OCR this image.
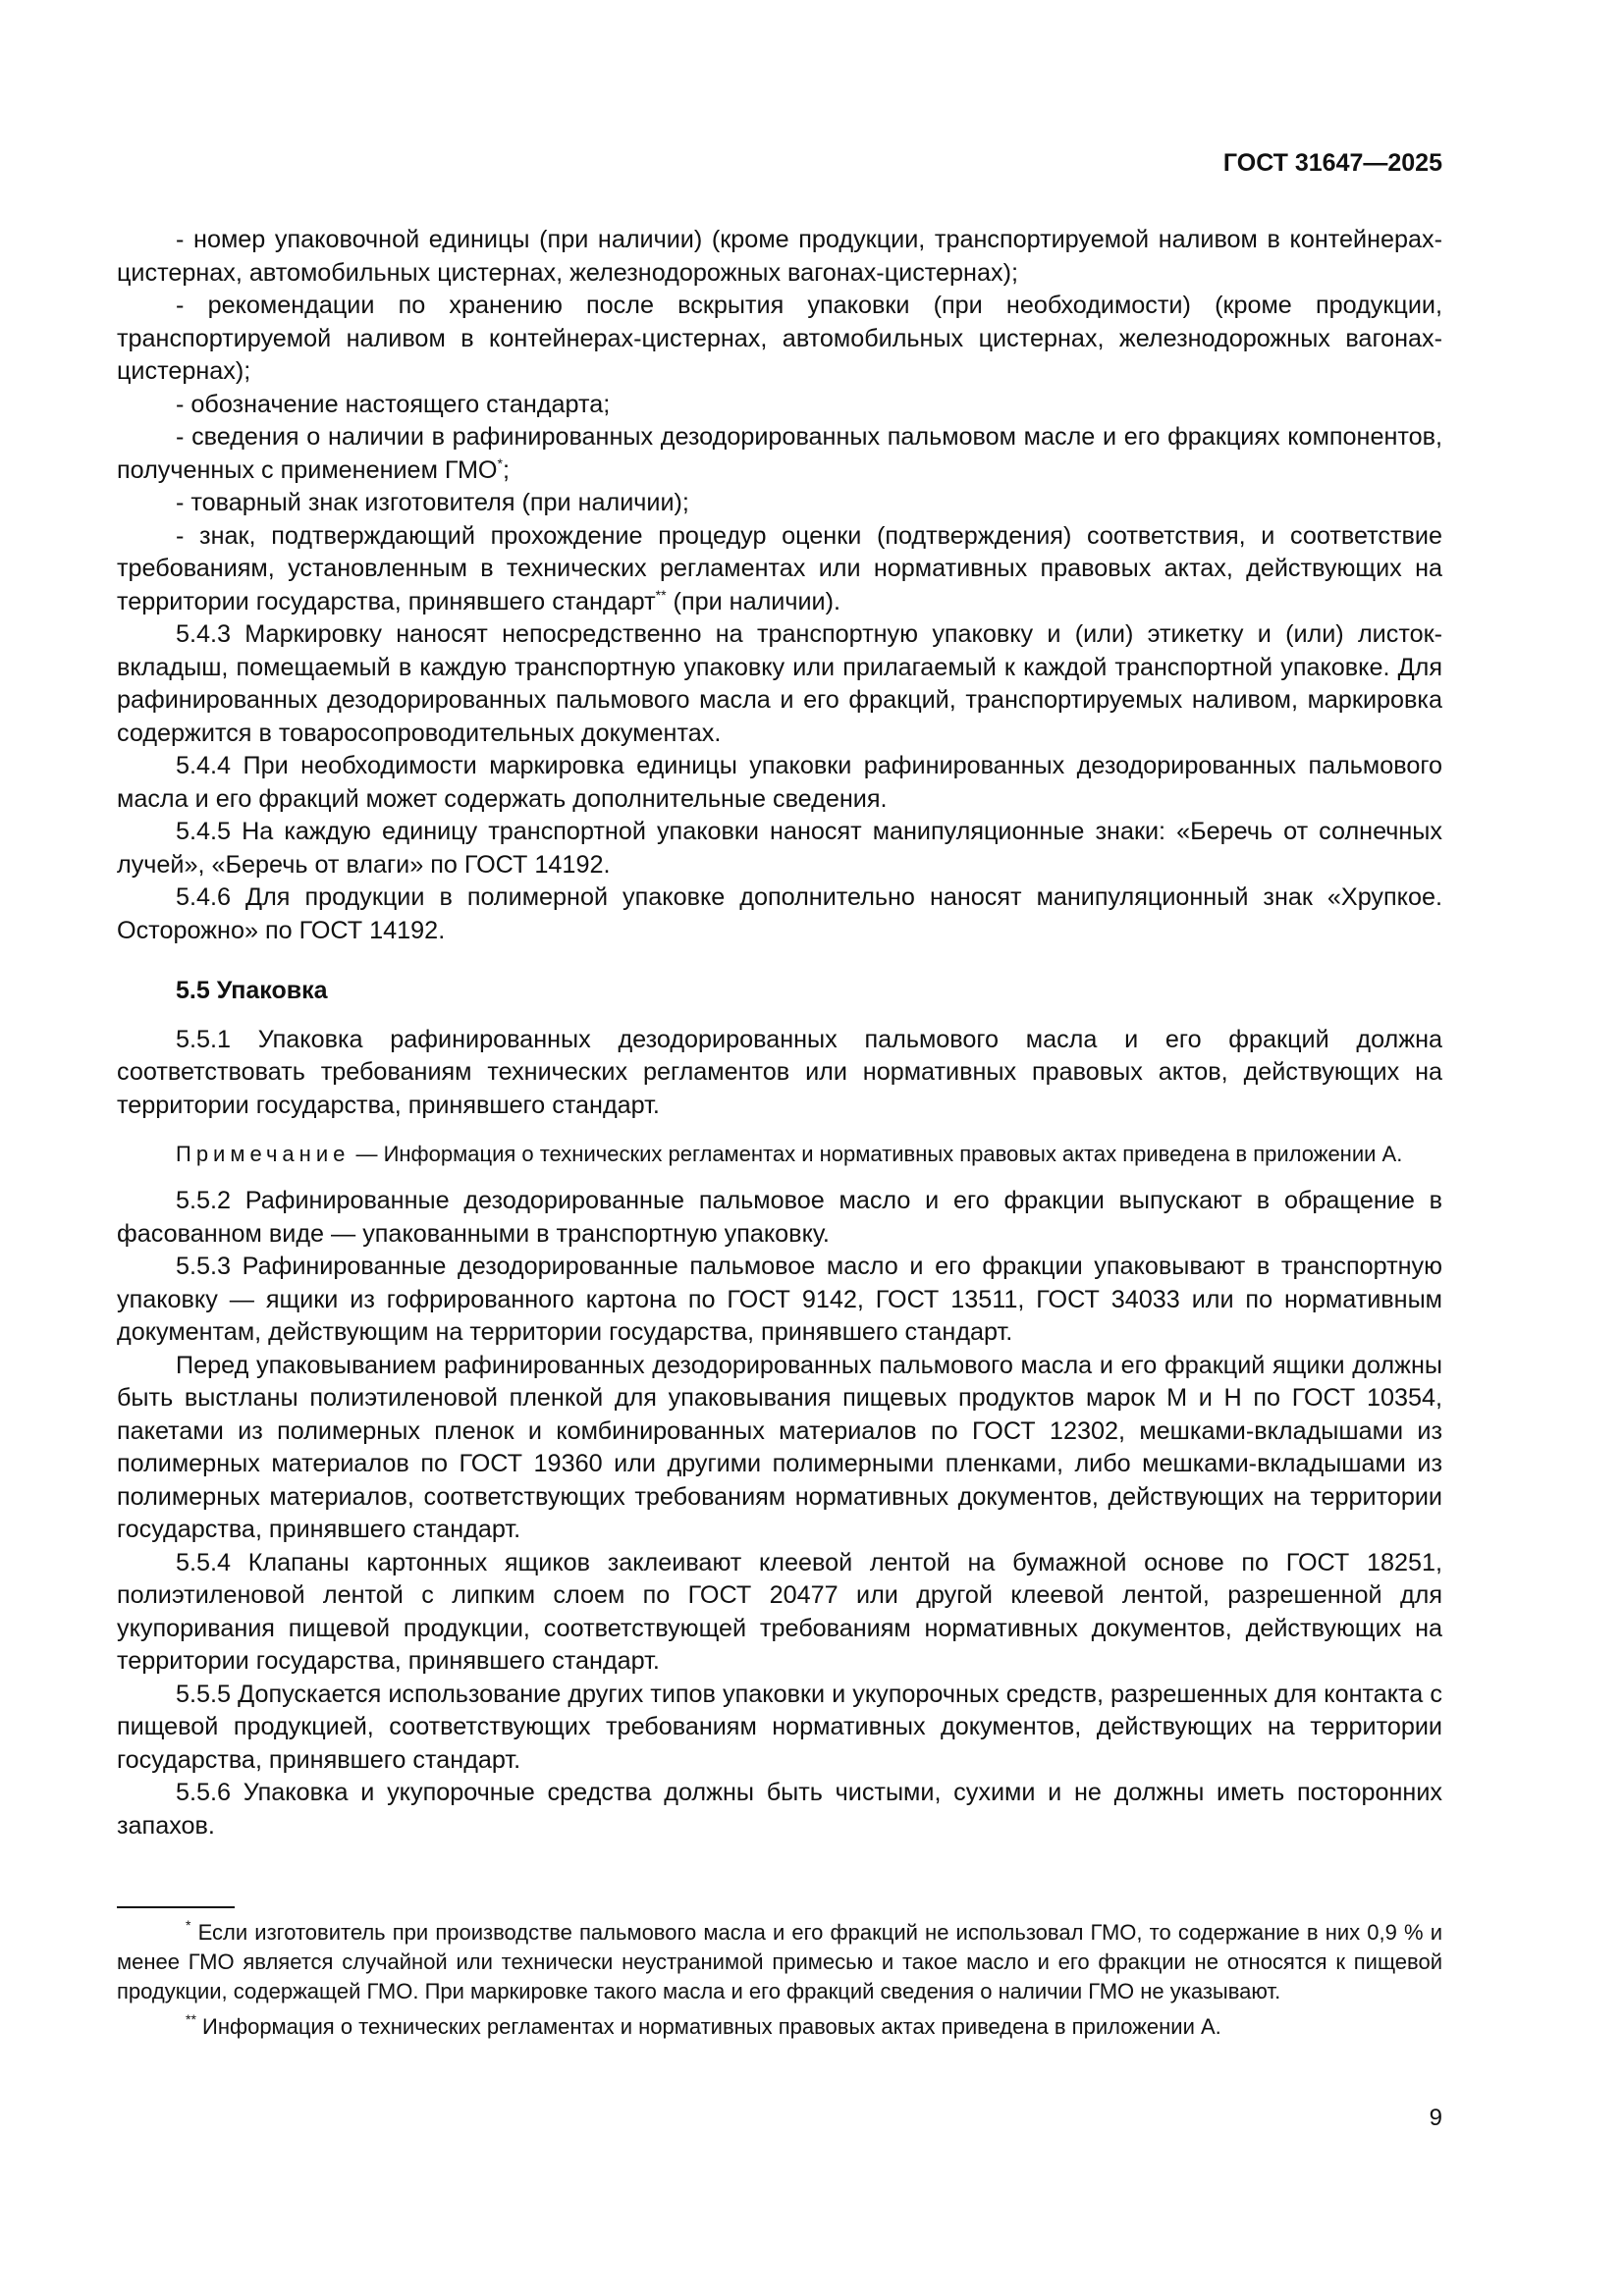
ГОСТ 31647—2025

- номер упаковочной единицы (при наличии) (кроме продукции, транспортируемой наливом в контейнерах-цистернах, автомобильных цистернах, железнодорожных вагонах-цистернах);

- рекомендации по хранению после вскрытия упаковки (при необходимости) (кроме продукции, транспортируемой наливом в контейнерах-цистернах, автомобильных цистернах, железнодорожных вагонах-цистернах);

- обозначение настоящего стандарта;

- сведения о наличии в рафинированных дезодорированных пальмовом масле и его фракциях компонентов, полученных с применением ГМО*;

- товарный знак изготовителя (при наличии);

- знак, подтверждающий прохождение процедур оценки (подтверждения) соответствия, и соответствие требованиям, установленным в технических регламентах или нормативных правовых актах, действующих на территории государства, принявшего стандарт** (при наличии).

5.4.3 Маркировку наносят непосредственно на транспортную упаковку и (или) этикетку и (или) листок-вкладыш, помещаемый в каждую транспортную упаковку или прилагаемый к каждой транспортной упаковке. Для рафинированных дезодорированных пальмового масла и его фракций, транспортируемых наливом, маркировка содержится в товаросопроводительных документах.

5.4.4 При необходимости маркировка единицы упаковки рафинированных дезодорированных пальмового масла и его фракций может содержать дополнительные сведения.

5.4.5 На каждую единицу транспортной упаковки наносят манипуляционные знаки: «Беречь от солнечных лучей», «Беречь от влаги» по ГОСТ 14192.

5.4.6 Для продукции в полимерной упаковке дополнительно наносят манипуляционный знак «Хрупкое. Осторожно» по ГОСТ 14192.

5.5 Упаковка

5.5.1 Упаковка рафинированных дезодорированных пальмового масла и его фракций должна соответствовать требованиям технических регламентов или нормативных правовых актов, действующих на территории государства, принявшего стандарт.

Примечание — Информация о технических регламентах и нормативных правовых актах приведена в приложении А.

5.5.2 Рафинированные дезодорированные пальмовое масло и его фракции выпускают в обращение в фасованном виде — упакованными в транспортную упаковку.

5.5.3 Рафинированные дезодорированные пальмовое масло и его фракции упаковывают в транспортную упаковку — ящики из гофрированного картона по ГОСТ 9142, ГОСТ 13511, ГОСТ 34033 или по нормативным документам, действующим на территории государства, принявшего стандарт.

Перед упаковыванием рафинированных дезодорированных пальмового масла и его фракций ящики должны быть выстланы полиэтиленовой пленкой для упаковывания пищевых продуктов марок М и Н по ГОСТ 10354, пакетами из полимерных пленок и комбинированных материалов по ГОСТ 12302, мешками-вкладышами из полимерных материалов по ГОСТ 19360 или другими полимерными пленками, либо мешками-вкладышами из полимерных материалов, соответствующих требованиям нормативных документов, действующих на территории государства, принявшего стандарт.

5.5.4 Клапаны картонных ящиков заклеивают клеевой лентой на бумажной основе по ГОСТ 18251, полиэтиленовой лентой с липким слоем по ГОСТ 20477 или другой клеевой лентой, разрешенной для укупоривания пищевой продукции, соответствующей требованиям нормативных документов, действующих на территории государства, принявшего стандарт.

5.5.5 Допускается использование других типов упаковки и укупорочных средств, разрешенных для контакта с пищевой продукцией, соответствующих требованиям нормативных документов, действующих на территории государства, принявшего стандарт.

5.5.6 Упаковка и укупорочные средства должны быть чистыми, сухими и не должны иметь посторонних запахов.

* Если изготовитель при производстве пальмового масла и его фракций не использовал ГМО, то содержание в них 0,9 % и менее ГМО является случайной или технически неустранимой примесью и такое масло и его фракции не относятся к пищевой продукции, содержащей ГМО. При маркировке такого масла и его фракций сведения о наличии ГМО не указывают.

** Информация о технических регламентах и нормативных правовых актах приведена в приложении А.

9
